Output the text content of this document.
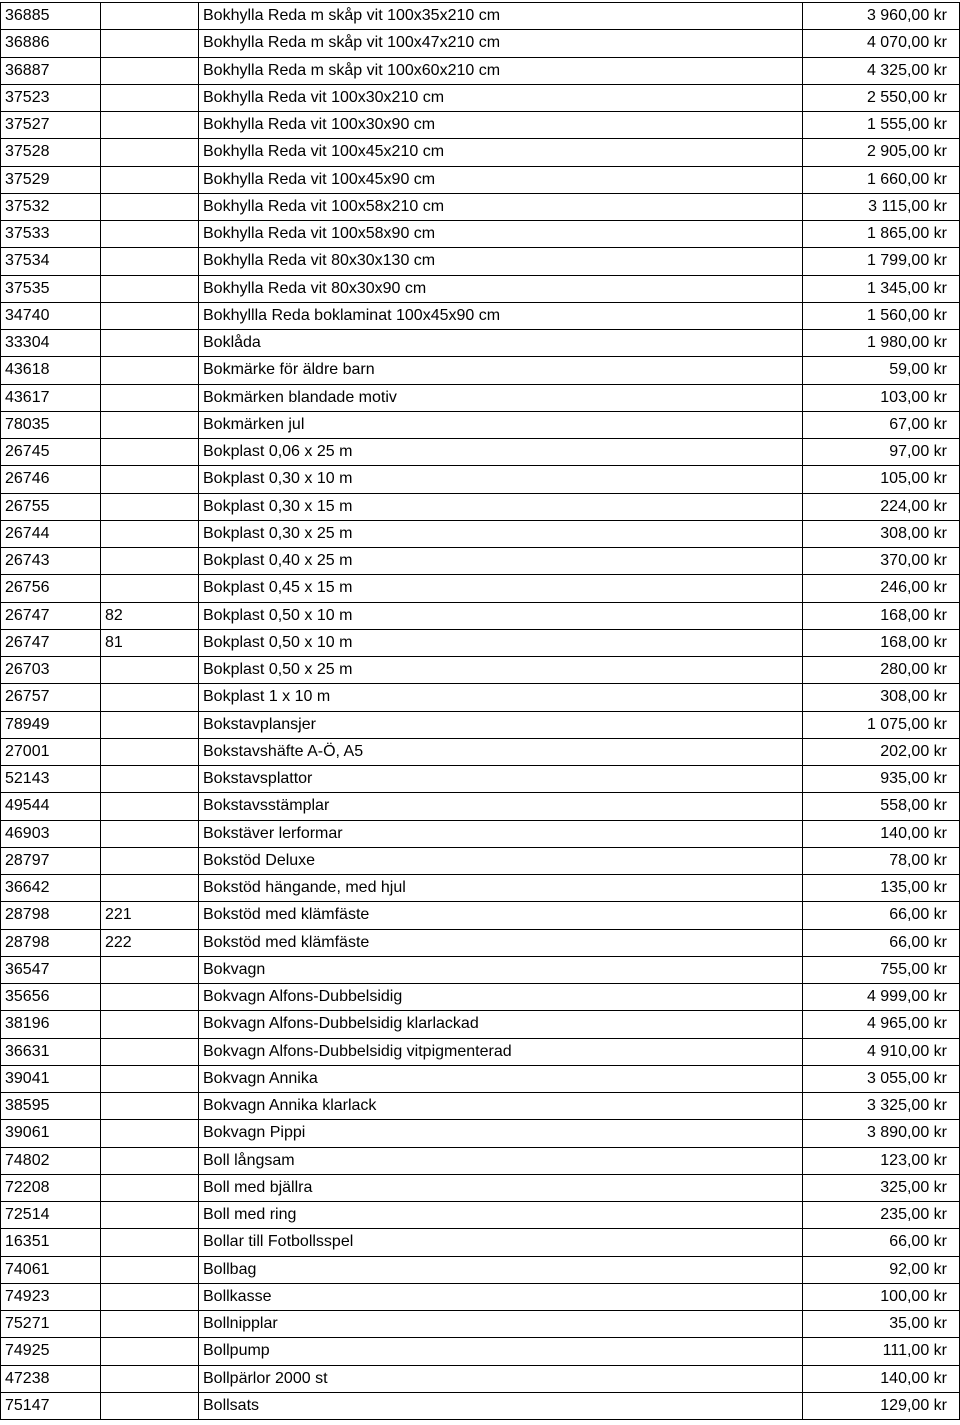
36885		Bokhylla Reda m skåp vit 100x35x210 cm	3 960,00 kr
36886		Bokhylla Reda m skåp vit 100x47x210 cm	4 070,00 kr
36887		Bokhylla Reda m skåp vit 100x60x210 cm	4 325,00 kr
37523		Bokhylla Reda vit 100x30x210 cm	2 550,00 kr
37527		Bokhylla Reda vit 100x30x90 cm	1 555,00 kr
37528		Bokhylla Reda vit 100x45x210 cm	2 905,00 kr
37529		Bokhylla Reda vit 100x45x90 cm	1 660,00 kr
37532		Bokhylla Reda vit 100x58x210 cm	3 115,00 kr
37533		Bokhylla Reda vit 100x58x90 cm	1 865,00 kr
37534		Bokhylla Reda vit 80x30x130 cm	1 799,00 kr
37535		Bokhylla Reda vit 80x30x90 cm	1 345,00 kr
34740		Bokhyllla Reda boklaminat 100x45x90 cm	1 560,00 kr
33304		Boklåda	1 980,00 kr
43618		Bokmärke för äldre barn	59,00 kr
43617		Bokmärken blandade motiv	103,00 kr
78035		Bokmärken jul	67,00 kr
26745		Bokplast 0,06 x 25 m	97,00 kr
26746		Bokplast 0,30 x 10 m	105,00 kr
26755		Bokplast 0,30 x 15 m	224,00 kr
26744		Bokplast 0,30 x 25 m	308,00 kr
26743		Bokplast 0,40 x 25 m	370,00 kr
26756		Bokplast 0,45 x 15 m	246,00 kr
26747	82	Bokplast 0,50 x 10 m	168,00 kr
26747	81	Bokplast 0,50 x 10 m	168,00 kr
26703		Bokplast 0,50 x 25 m	280,00 kr
26757		Bokplast 1 x 10 m	308,00 kr
78949		Bokstavplansjer	1 075,00 kr
27001		Bokstavshäfte A-Ö, A5	202,00 kr
52143		Bokstavsplattor	935,00 kr
49544		Bokstavsstämplar	558,00 kr
46903		Bokstäver lerformar	140,00 kr
28797		Bokstöd Deluxe	78,00 kr
36642		Bokstöd hängande, med hjul	135,00 kr
28798	221	Bokstöd med klämfäste	66,00 kr
28798	222	Bokstöd med klämfäste	66,00 kr
36547		Bokvagn	755,00 kr
35656		Bokvagn Alfons-Dubbelsidig	4 999,00 kr
38196		Bokvagn Alfons-Dubbelsidig klarlackad	4 965,00 kr
36631		Bokvagn Alfons-Dubbelsidig vitpigmenterad	4 910,00 kr
39041		Bokvagn Annika	3 055,00 kr
38595		Bokvagn Annika klarlack	3 325,00 kr
39061		Bokvagn Pippi	3 890,00 kr
74802		Boll långsam	123,00 kr
72208		Boll med bjällra	325,00 kr
72514		Boll med ring	235,00 kr
16351		Bollar till Fotbollsspel	66,00 kr
74061		Bollbag	92,00 kr
74923		Bollkasse	100,00 kr
75271		Bollnipplar	35,00 kr
74925		Bollpump	111,00 kr
47238		Bollpärlor 2000 st	140,00 kr
75147		Bollsats	129,00 kr
